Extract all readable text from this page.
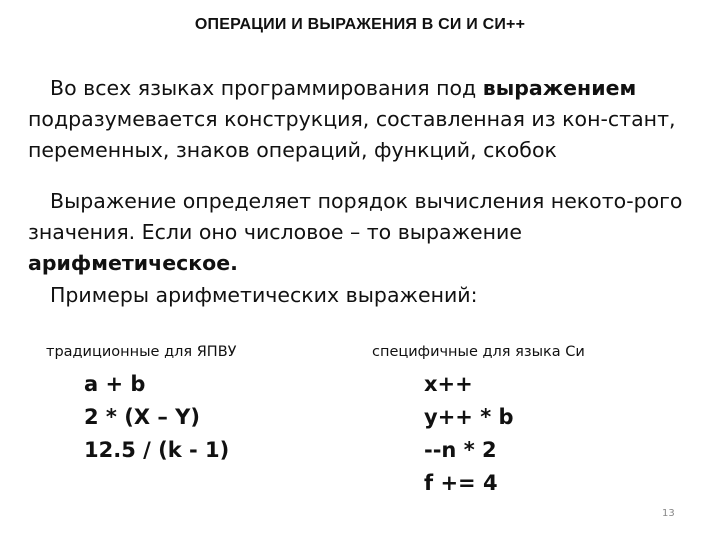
ОПЕРАЦИИ И ВЫРАЖЕНИЯ В СИ И СИ++

Во всех языках программирования под выражением подразумевается конструкция, составленная из кон-стант, переменных, знаков операций, функций, скобок

Выражение определяет порядок вычисления некото-рого значения. Если оно числовое – то выражение арифметическое.

Примеры арифметических выражений:
традиционные для ЯПВУ	специфичные для языка Си
a + b
2 * (X – Y)
12.5 / (k - 1)
x++
y++ * b
--n * 2
f += 4
13
